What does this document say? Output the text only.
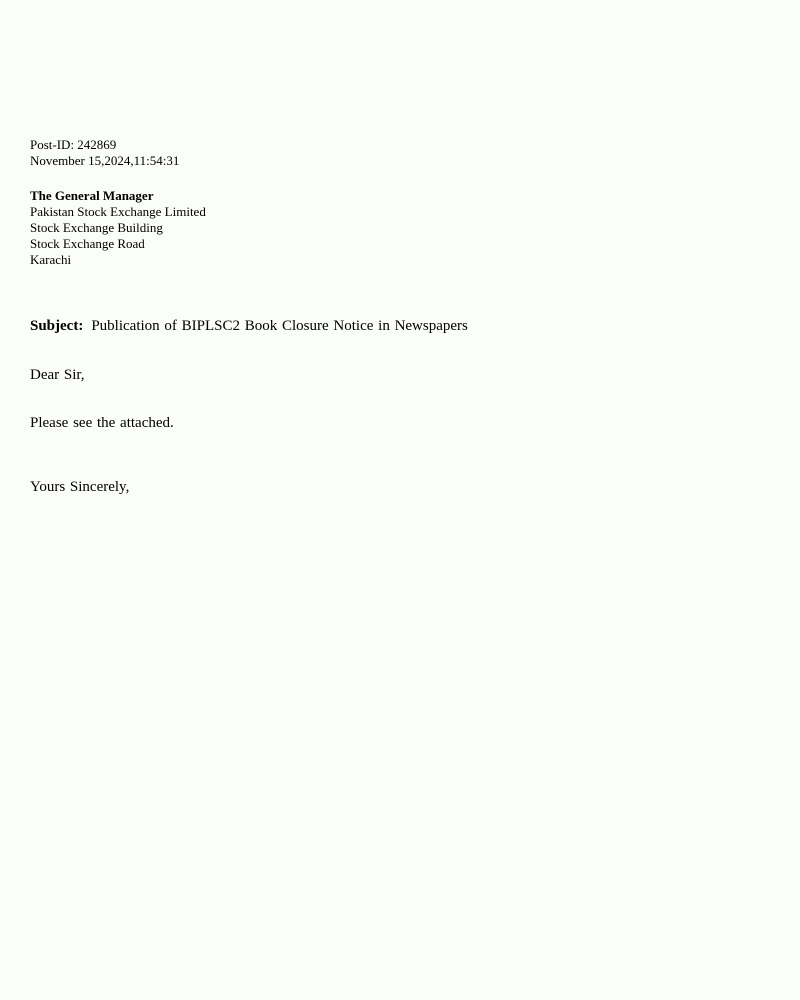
Post-ID: 242869
November 15,2024,11:54:31
The General Manager
Pakistan Stock Exchange Limited
Stock Exchange Building
Stock Exchange Road
Karachi
Subject: Publication of BIPLSC2 Book Closure Notice in Newspapers
Dear Sir,
Please see the attached.
Yours Sincerely,
